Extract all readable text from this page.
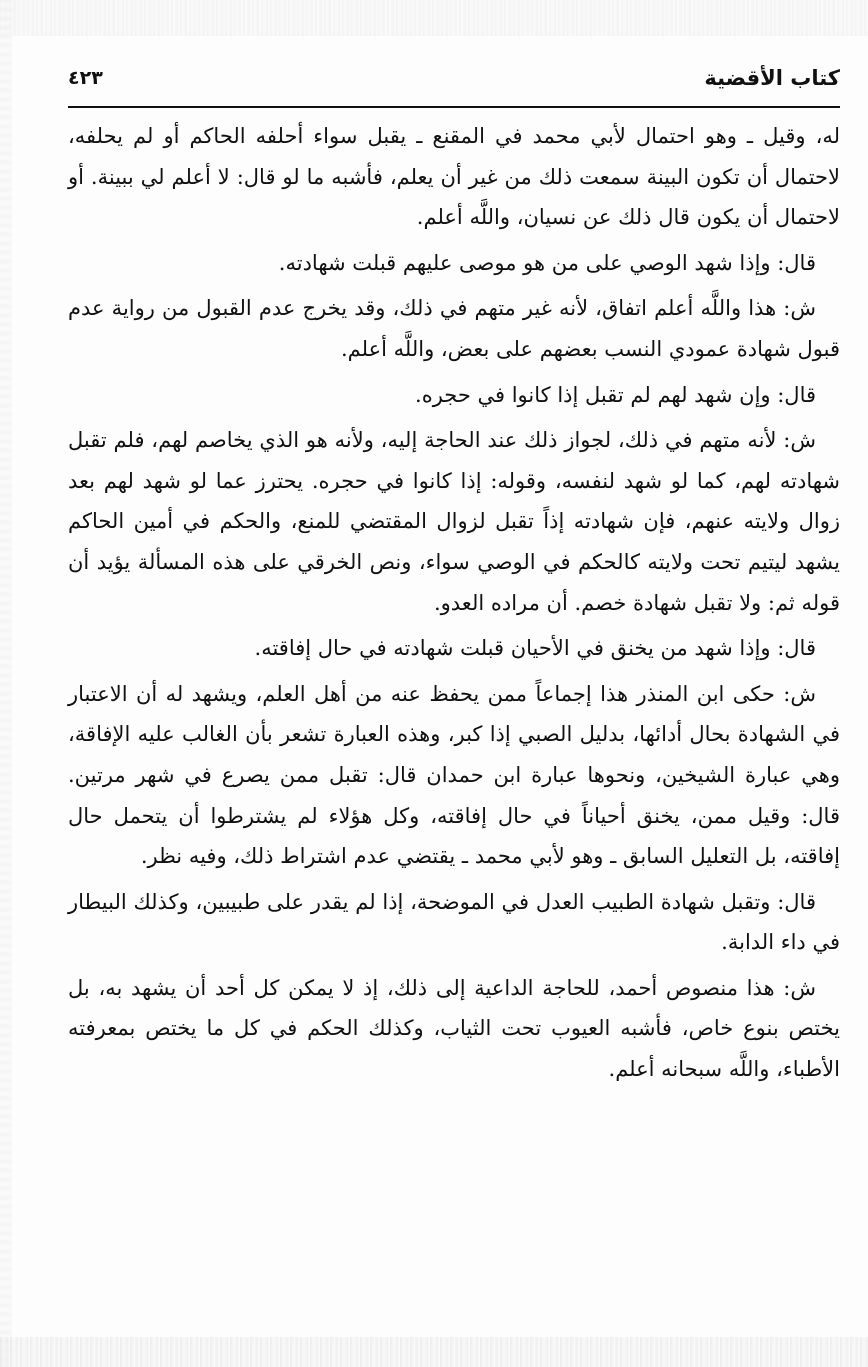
كتاب الأقضية
٤٢٣

له، وقيل ـ وهو احتمال لأبي محمد في المقنع ـ يقبل سواء أحلفه الحاكم أو لم يحلفه، لاحتمال أن تكون البينة سمعت ذلك من غير أن يعلم، فأشبه ما لو قال: لا أعلم لي ببينة. أو لاحتمال أن يكون قال ذلك عن نسيان، واللَّه أعلم.

قال: وإذا شهد الوصي على من هو موصى عليهم قبلت شهادته.

ش: هذا واللَّه أعلم اتفاق، لأنه غير متهم في ذلك، وقد يخرج عدم القبول من رواية عدم قبول شهادة عمودي النسب بعضهم على بعض، واللَّه أعلم.

قال: وإن شهد لهم لم تقبل إذا كانوا في حجره.

ش: لأنه متهم في ذلك، لجواز ذلك عند الحاجة إليه، ولأنه هو الذي يخاصم لهم، فلم تقبل شهادته لهم، كما لو شهد لنفسه، وقوله: إذا كانوا في حجره. يحترز عما لو شهد لهم بعد زوال ولايته عنهم، فإن شهادته إذاً تقبل لزوال المقتضي للمنع، والحكم في أمين الحاكم يشهد ليتيم تحت ولايته كالحكم في الوصي سواء، ونص الخرقي على هذه المسألة يؤيد أن قوله ثم: ولا تقبل شهادة خصم. أن مراده العدو.

قال: وإذا شهد من يخنق في الأحيان قبلت شهادته في حال إفاقته.

ش: حكى ابن المنذر هذا إجماعاً ممن يحفظ عنه من أهل العلم، ويشهد له أن الاعتبار في الشهادة بحال أدائها، بدليل الصبي إذا كبر، وهذه العبارة تشعر بأن الغالب عليه الإفاقة، وهي عبارة الشيخين، ونحوها عبارة ابن حمدان قال: تقبل ممن يصرع في شهر مرتين. قال: وقيل ممن، يخنق أحياناً في حال إفاقته، وكل هؤلاء لم يشترطوا أن يتحمل حال إفاقته، بل التعليل السابق ـ وهو لأبي محمد ـ يقتضي عدم اشتراط ذلك، وفيه نظر.

قال: وتقبل شهادة الطبيب العدل في الموضحة، إذا لم يقدر على طبيبين، وكذلك البيطار في داء الدابة.

ش: هذا منصوص أحمد، للحاجة الداعية إلى ذلك، إذ لا يمكن كل أحد أن يشهد به، بل يختص بنوع خاص، فأشبه العيوب تحت الثياب، وكذلك الحكم في كل ما يختص بمعرفته الأطباء، واللَّه سبحانه أعلم.
